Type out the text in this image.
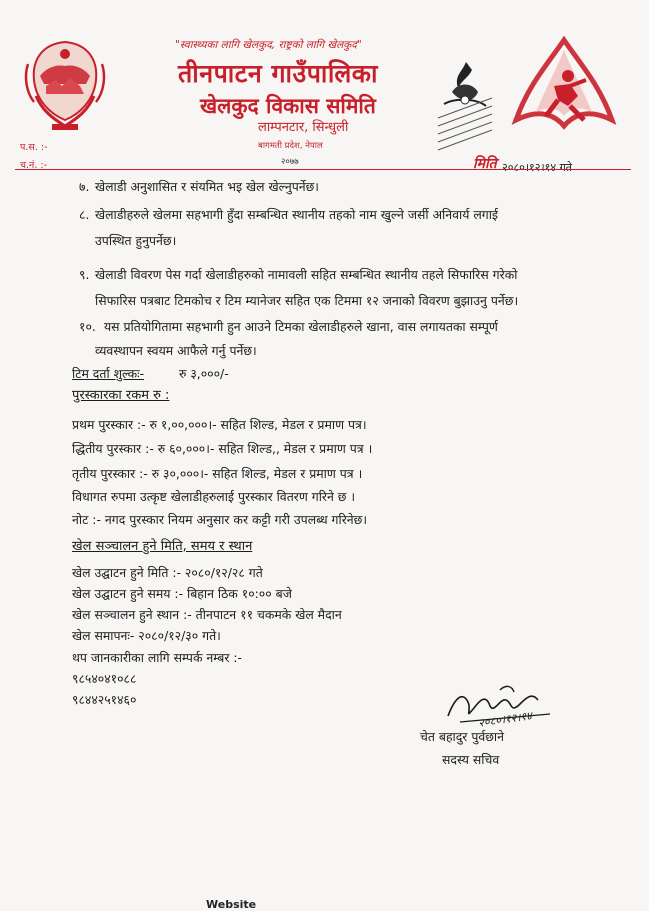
"स्वास्थ्यका लागि खेलकुद, राष्ट्रको लागि खेलकुद"
तीनपाटन गाउँपालिका
खेलकुद विकास समिति
लाम्पनटार, सिन्धुली
बागमती प्रदेश, नेपाल
२०७७
प.स. :-
च.नं. :-	मिति २०८०।१२।१४ गते
७. खेलाडी अनुशासित र संयमित भइ खेल खेल्नुपर्नेछ।
८. खेलाडीहरुले खेलमा सहभागी हुँदा सम्बन्धित स्थानीय तहको नाम खुल्ने जर्सी अनिवार्य लगाई
उपस्थित हुनुपर्नेछ।
९. खेलाडी विवरण पेस गर्दा खेलाडीहरुको नामावली सहित सम्बन्धित स्थानीय तहले सिफारिस गरेको
सिफारिस पत्रबाट टिमकोच र टिम म्यानेजर सहित एक टिममा १२ जनाको विवरण बुझाउनु पर्नेछ।
१०. यस प्रतियोगितामा सहभागी हुन आउने टिमका खेलाडीहरुले खाना, वास लगायतका सम्पूर्ण
व्यवस्थापन स्वयम आफैले गर्नु पर्नेछ।
टिम दर्ता शुल्कः-	रु ३,०००/-
पुरस्कारका रकम रु :
प्रथम पुरस्कार :- रु १,००,०००।- सहित शिल्ड, मेडल र प्रमाण पत्र।
द्धितीय पुरस्कार :- रु ६०,०००।- सहित शिल्ड,, मेडल र प्रमाण पत्र ।
तृतीय पुरस्कार :- रु ३०,०००।- सहित शिल्ड, मेडल र प्रमाण पत्र ।
विधागत रुपमा उत्कृष्ट खेलाडीहरुलाई पुरस्कार वितरण गरिने छ ।
नोट :- नगद पुरस्कार नियम अनुसार कर कट्टी गरी उपलब्ध गरिनेछ।
खेल सञ्चालन हुने मिति, समय र स्थान
खेल उद्घाटन हुने मिति :- २०८०/१२/२८ गते
खेल उद्घाटन हुने समय :- बिहान ठिक १०:०० बजे
खेल सञ्चालन हुने स्थान :- तीनपाटन ११ चकमके खेल मैदान
खेल समापनः- २०८०/१२/३० गते।
थप जानकारीका लागि सम्पर्क नम्बर :-
९८५४०४१०८८
९८४४२५१४६०
२०८०।१२।१४
चेत बहादुर पुर्वछाने
सदस्य सचिव
Website
